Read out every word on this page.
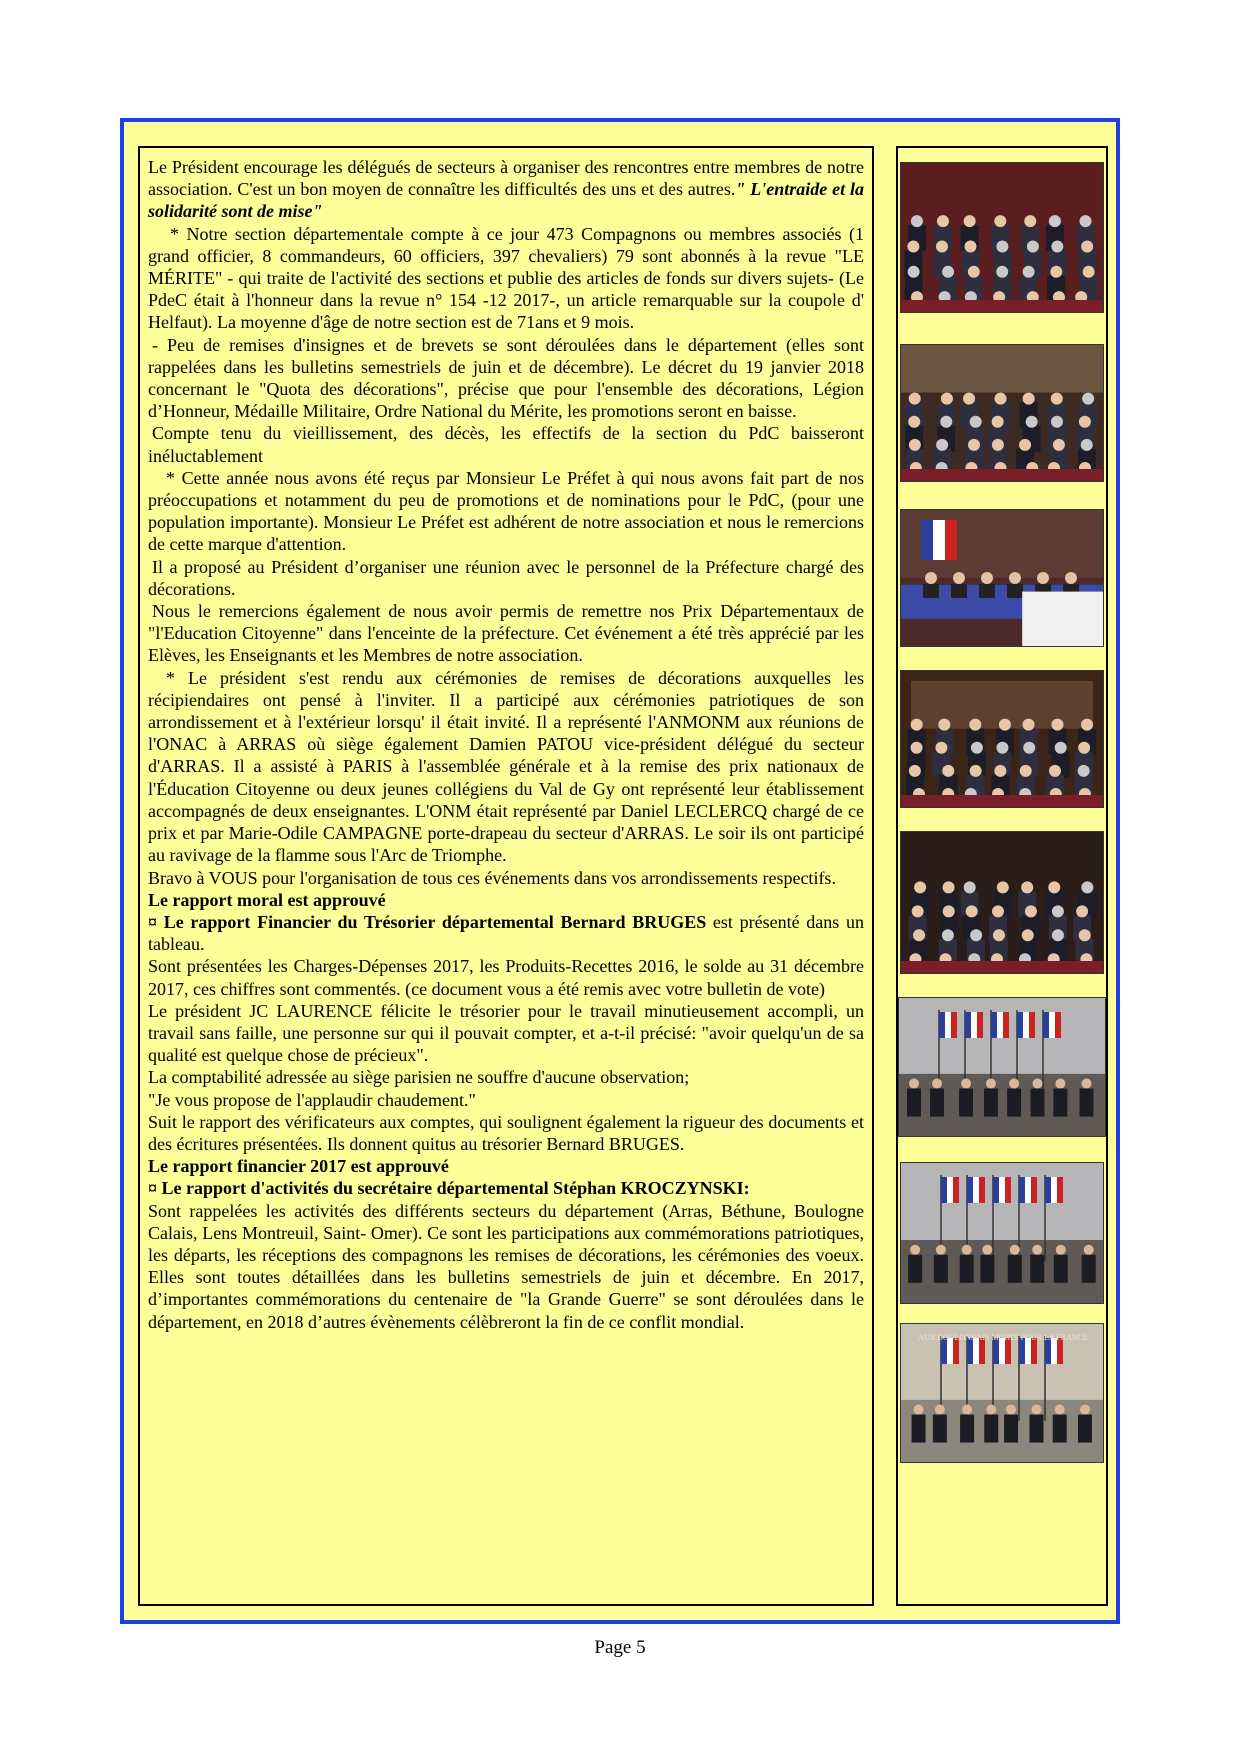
Le Président encourage les délégués de secteurs à organiser des rencontres entre membres de notre association. C'est un bon moyen de connaître les difficultés des uns et des autres." L'entraide et la solidarité sont de mise"

* Notre section départementale compte à ce jour 473 Compagnons ou membres associés (1 grand officier, 8 commandeurs, 60 officiers, 397 chevaliers) 79 sont abonnés à la revue "LE MÉRITE" - qui traite de l'activité des sections et publie des articles de fonds sur divers sujets- (Le PdeC était à l'honneur dans la revue n° 154 -12 2017-, un article remarquable sur la coupole d' Helfaut). La moyenne d'âge de notre section est de 71ans et 9 mois.

- Peu de remises d'insignes et de brevets se sont déroulées dans le département (elles sont rappelées dans les bulletins semestriels de juin et de décembre). Le décret du 19 janvier 2018 concernant le "Quota des décorations", précise que pour l'ensemble des décorations, Légion d’Honneur, Médaille Militaire, Ordre National du Mérite, les promotions seront en baisse.

Compte tenu du vieillissement, des décès, les effectifs de la section du PdC baisseront inéluctablement

* Cette année nous avons été reçus par Monsieur Le Préfet à qui nous avons fait part de nos préoccupations et notamment du peu de promotions et de nominations pour le PdC, (pour une population importante). Monsieur Le Préfet est adhérent de notre association et nous le remercions de cette marque d'attention.

Il a proposé au Président d’organiser une réunion avec le personnel de la Préfecture chargé des décorations.

Nous le remercions également de nous avoir permis de remettre nos Prix Départementaux de "l'Education Citoyenne" dans l'enceinte de la préfecture. Cet événement a été très apprécié par les Elèves, les Enseignants et les Membres de notre association.

* Le président s'est rendu aux cérémonies de remises de décorations auxquelles les récipiendaires ont pensé à l'inviter. Il a participé aux cérémonies patriotiques de son arrondissement et à l'extérieur lorsqu' il était invité. Il a représenté l'ANMONM aux réunions de l'ONAC à ARRAS où siège également Damien PATOU vice-président délégué du secteur d'ARRAS. Il a assisté à PARIS à l'assemblée générale et à la remise des prix nationaux de l'Éducation Citoyenne ou deux jeunes collégiens du Val de Gy ont représenté leur établissement accompagnés de deux enseignantes. L'ONM était représenté par Daniel LECLERCQ chargé de ce prix et par Marie-Odile CAMPAGNE porte-drapeau du secteur d'ARRAS. Le soir ils ont participé au ravivage de la flamme sous l'Arc de Triomphe.

Bravo à VOUS pour l'organisation de tous ces événements dans vos arrondissements respectifs.

Le rapport moral est approuvé

¤ Le rapport Financier du Trésorier départemental Bernard BRUGES est présenté dans un tableau.

Sont présentées les Charges-Dépenses 2017, les Produits-Recettes 2016, le solde au 31 décembre 2017, ces chiffres sont commentés. (ce document vous a été remis avec votre bulletin de vote)

Le président JC LAURENCE félicite le trésorier pour le travail minutieusement accompli, un travail sans faille, une personne sur qui il pouvait compter, et a-t-il précisé: "avoir quelqu'un de sa qualité est quelque chose de précieux".

La comptabilité adressée au siège parisien ne souffre d'aucune observation;

"Je vous propose de l'applaudir chaudement."

Suit le rapport des vérificateurs aux comptes, qui soulignent également la rigueur des documents et des écritures présentées. Ils donnent quitus au trésorier Bernard BRUGES.

Le rapport financier 2017 est approuvé

¤ Le rapport d'activités du secrétaire départemental Stéphan KROCZYNSKI:

Sont rappelées les activités des différents secteurs du département (Arras, Béthune, Boulogne Calais, Lens Montreuil, Saint- Omer). Ce sont les participations aux commémorations patriotiques, les départs, les réceptions des compagnons les remises de décorations, les cérémonies des voeux. Elles sont toutes détaillées dans les bulletins semestriels de juin et décembre. En 2017, d’importantes commémorations du centenaire de "la Grande Guerre" se sont déroulées dans le département, en 2018 d’autres évènements célèbreront la fin de ce conflit mondial.

AUX BOULONNAIS MORTS POUR LA FRANCE
Page 5
